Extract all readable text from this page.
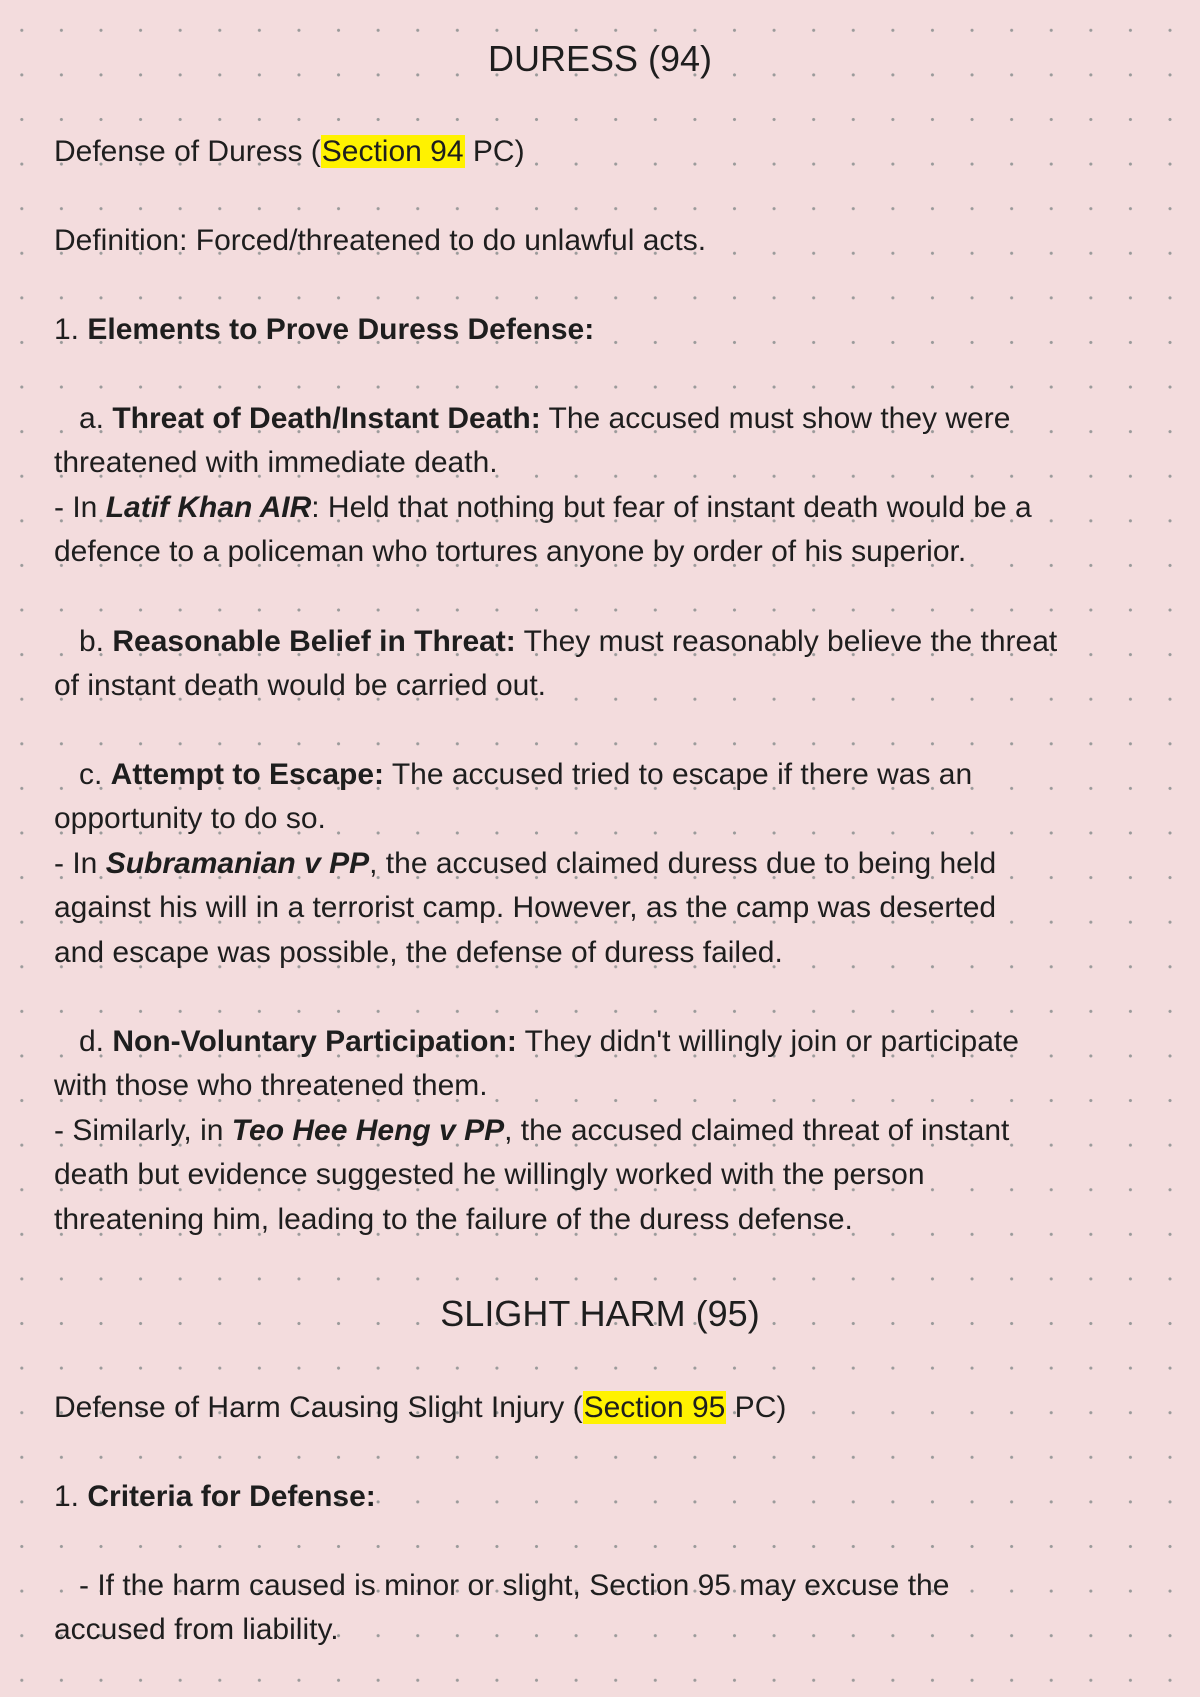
DURESS (94)
Defense of Duress (Section 94 PC)
Definition: Forced/threatened to do unlawful acts.
1. Elements to Prove Duress Defense:
a. Threat of Death/Instant Death: The accused must show they were
threatened with immediate death.
- In Latif Khan AIR: Held that nothing but fear of instant death would be a
defence to a policeman who tortures anyone by order of his superior.
b. Reasonable Belief in Threat: They must reasonably believe the threat
of instant death would be carried out.
c. Attempt to Escape: The accused tried to escape if there was an
opportunity to do so.
- In Subramanian v PP, the accused claimed duress due to being held
against his will in a terrorist camp. However, as the camp was deserted
and escape was possible, the defense of duress failed.
d. Non-Voluntary Participation: They didn't willingly join or participate
with those who threatened them.
- Similarly, in Teo Hee Heng v PP, the accused claimed threat of instant
death but evidence suggested he willingly worked with the person
threatening him, leading to the failure of the duress defense.
SLIGHT HARM (95)
Defense of Harm Causing Slight Injury (Section 95 PC)
1. Criteria for Defense:
- If the harm caused is minor or slight, Section 95 may excuse the
accused from liability.
